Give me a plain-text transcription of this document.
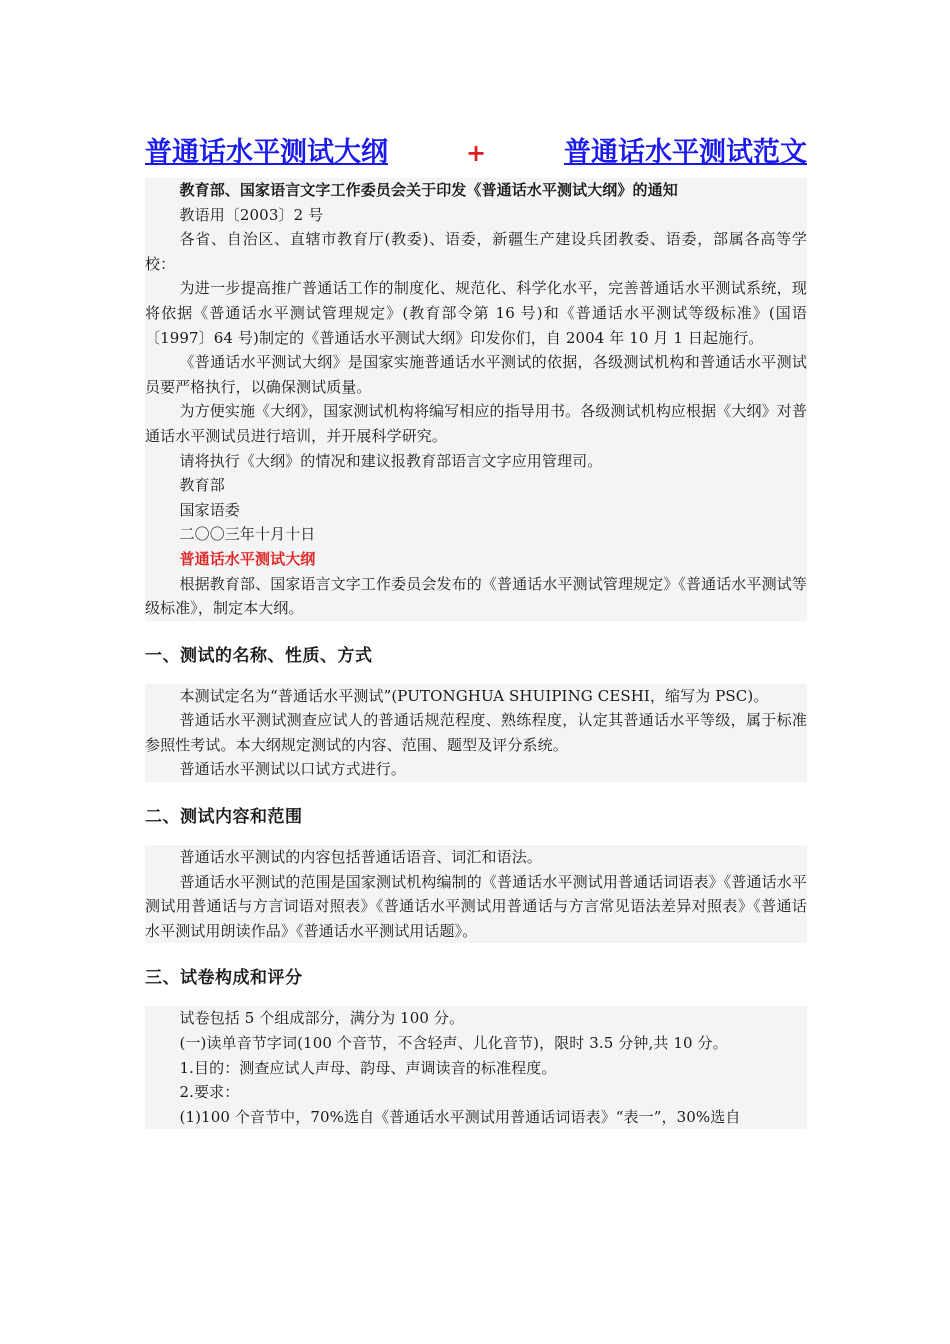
普通话水平测试大纲	+	普通话水平测试范文

教育部、国家语言文字工作委员会关于印发《普通话水平测试大纲》的通知

教语用〔2003〕2 号

各省、自治区、直辖市教育厅(教委)、语委，新疆生产建设兵团教委、语委，部属各高等学校：

为进一步提高推广普通话工作的制度化、规范化、科学化水平，完善普通话水平测试系统，现将依据《普通话水平测试管理规定》(教育部令第 16 号)和《普通话水平测试等级标准》(国语〔1997〕64 号)制定的《普通话水平测试大纲》印发你们，自 2004 年 10 月 1 日起施行。

《普通话水平测试大纲》是国家实施普通话水平测试的依据，各级测试机构和普通话水平测试员要严格执行，以确保测试质量。

为方便实施《大纲》，国家测试机构将编写相应的指导用书。各级测试机构应根据《大纲》对普通话水平测试员进行培训，并开展科学研究。

请将执行《大纲》的情况和建议报教育部语言文字应用管理司。

教育部

国家语委

二〇〇三年十月十日

普通话水平测试大纲

根据教育部、国家语言文字工作委员会发布的《普通话水平测试管理规定》《普通话水平测试等级标准》，制定本大纲。

一、测试的名称、性质、方式

本测试定名为“普通话水平测试”(PUTONGHUA SHUIPING CESHI，缩写为 PSC)。

普通话水平测试测查应试人的普通话规范程度、熟练程度，认定其普通话水平等级，属于标准参照性考试。本大纲规定测试的内容、范围、题型及评分系统。

普通话水平测试以口试方式进行。

二、测试内容和范围

普通话水平测试的内容包括普通话语音、词汇和语法。

普通话水平测试的范围是国家测试机构编制的《普通话水平测试用普通话词语表》《普通话水平测试用普通话与方言词语对照表》《普通话水平测试用普通话与方言常见语法差异对照表》《普通话水平测试用朗读作品》《普通话水平测试用话题》。

三、试卷构成和评分

试卷包括 5 个组成部分，满分为 100 分。

(一)读单音节字词(100 个音节，不含轻声、儿化音节)，限时 3.5 分钟,共 10 分。

1.目的：测查应试人声母、韵母、声调读音的标准程度。

2.要求：

(1)100 个音节中，70%选自《普通话水平测试用普通话词语表》“表一”，30%选自
